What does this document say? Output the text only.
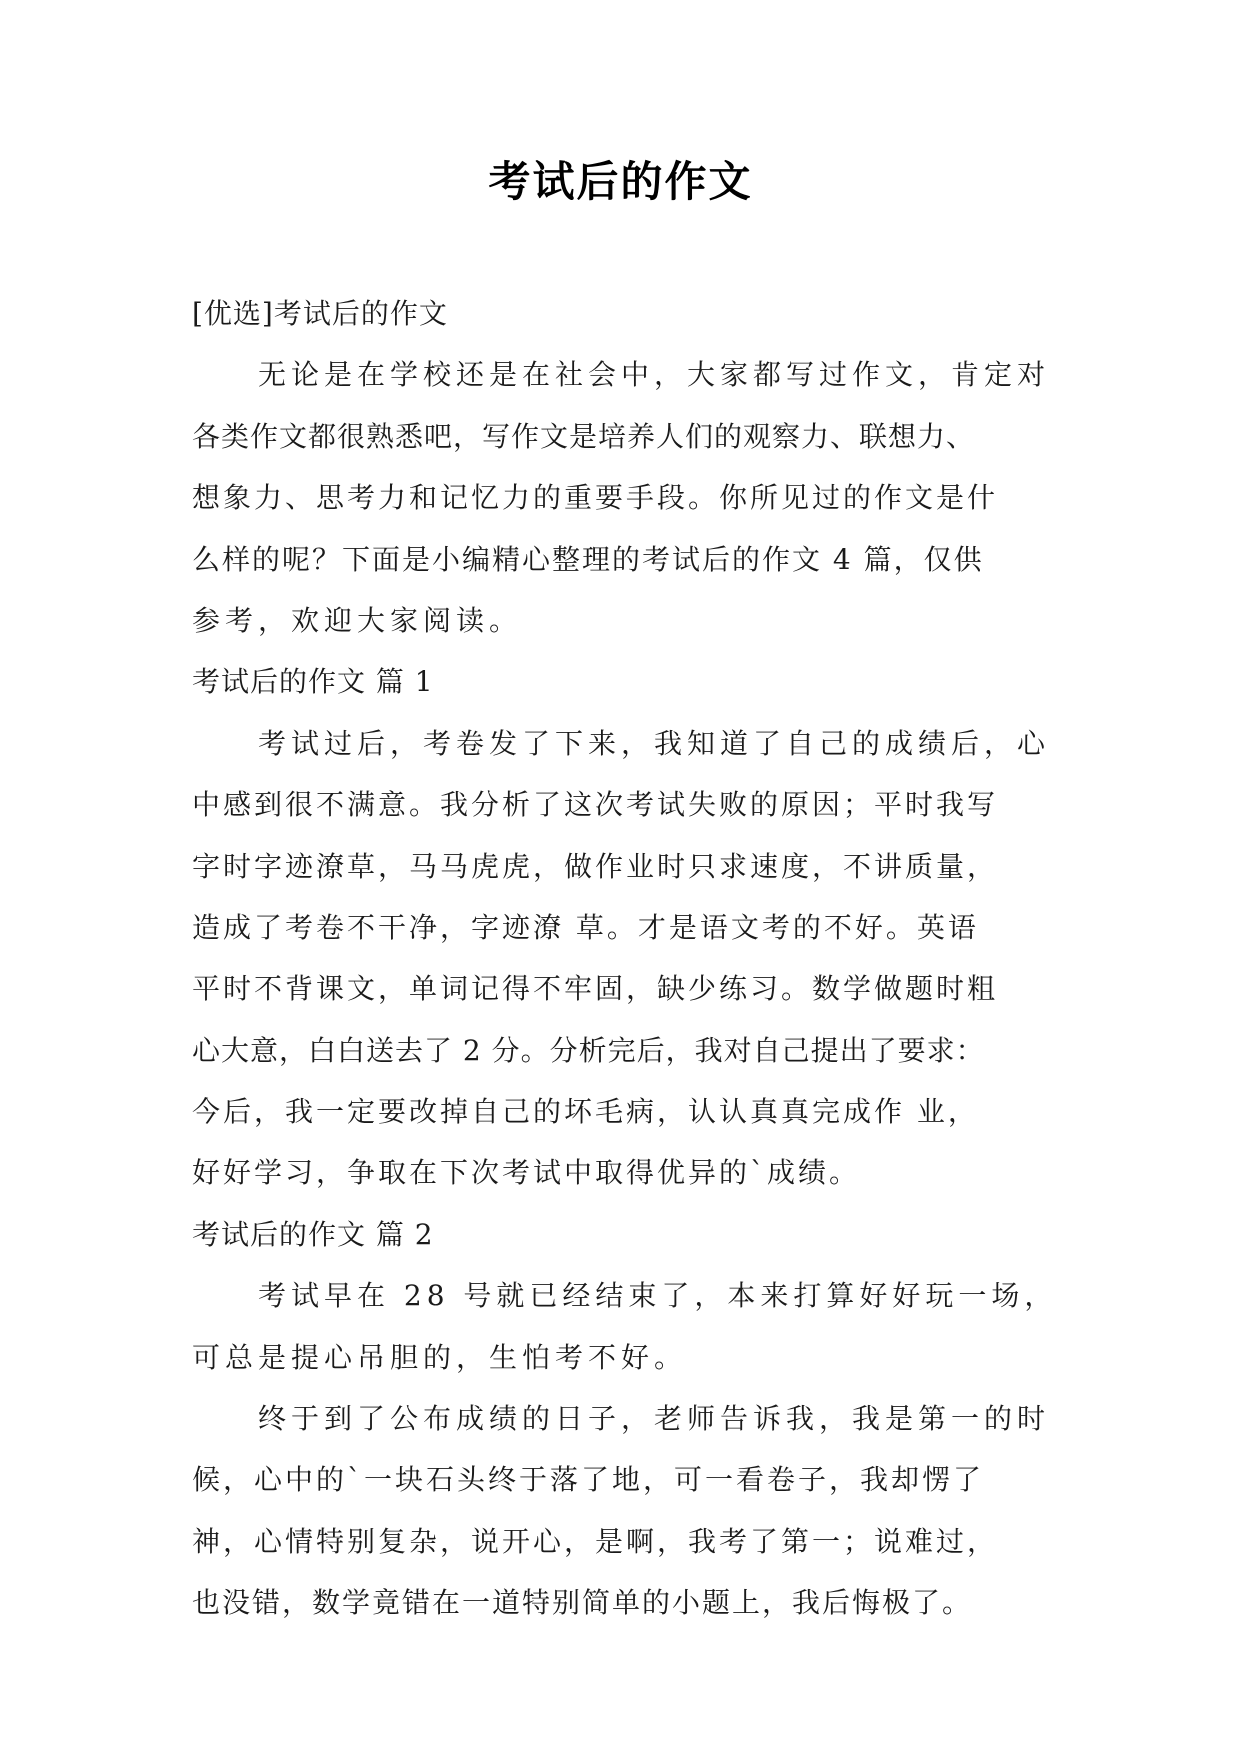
考试后的作文
[优选]考试后的作文
无论是在学校还是在社会中，大家都写过作文，肯定对
各类作文都很熟悉吧，写作文是培养人们的观察力、联想力、
想象力、思考力和记忆力的重要手段。你所见过的作文是什
么样的呢？下面是小编精心整理的考试后的作文 4 篇，仅供
参考，欢迎大家阅读。
考试后的作文 篇 1
考试过后，考卷发了下来，我知道了自己的成绩后，心
中感到很不满意。我分析了这次考试失败的原因；平时我写
字时字迹潦草，马马虎虎，做作业时只求速度，不讲质量，
造成了考卷不干净，字迹潦 草。才是语文考的不好。英语
平时不背课文，单词记得不牢固，缺少练习。数学做题时粗
心大意，白白送去了 2 分。分析完后，我对自己提出了要求：
今后，我一定要改掉自己的坏毛病，认认真真完成作 业，
好好学习，争取在下次考试中取得优异的`成绩。
考试后的作文 篇 2
考试早在 28 号就已经结束了，本来打算好好玩一场，
可总是提心吊胆的，生怕考不好。
终于到了公布成绩的日子，老师告诉我，我是第一的时
候，心中的`一块石头终于落了地，可一看卷子，我却愣了
神，心情特别复杂，说开心，是啊，我考了第一；说难过，
也没错，数学竟错在一道特别简单的小题上，我后悔极了。
